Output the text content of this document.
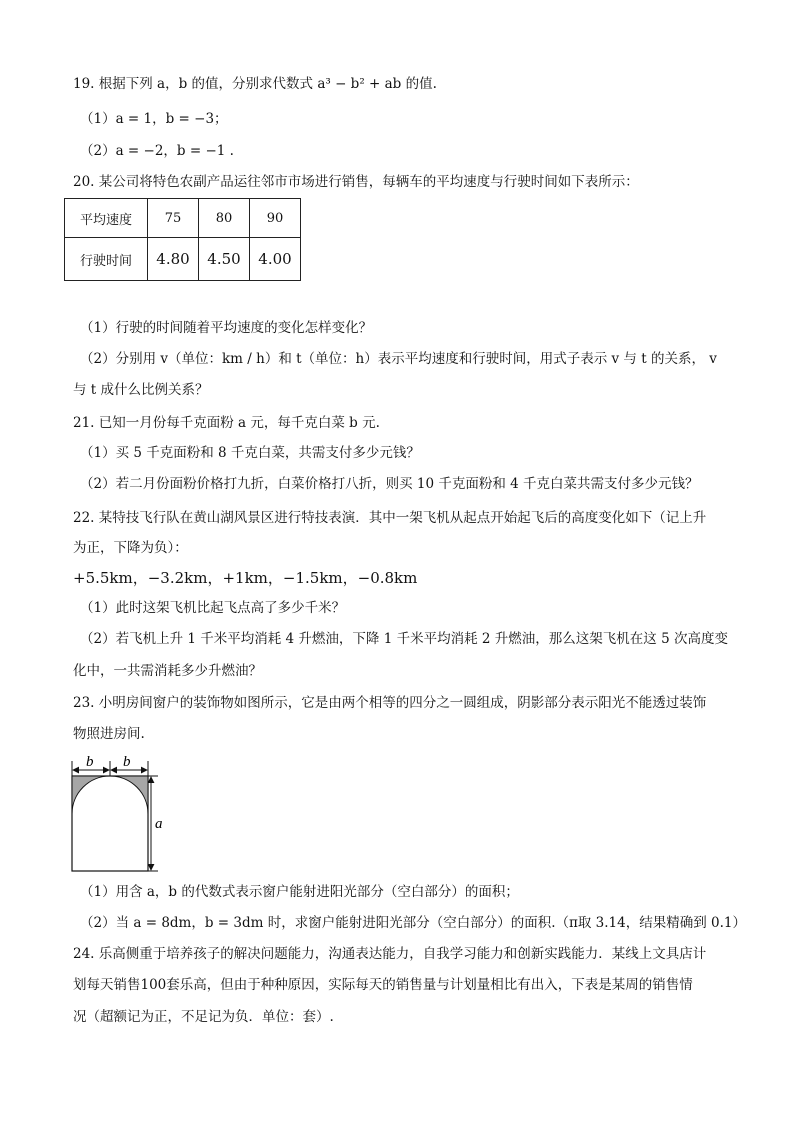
19. 根据下列 a，b 的值，分别求代数式 a³ − b² + ab 的值.
（1）a = 1，b = −3；
（2）a = −2，b = −1 .
20. 某公司将特色农副产品运往邻市市场进行销售，每辆车的平均速度与行驶时间如下表所示：
平均速度	75	80	90
行驶时间	4.80	4.50	4.00
（1）行驶的时间随着平均速度的变化怎样变化？
（2）分别用 v（单位：km / h）和 t（单位：h）表示平均速度和行驶时间，用式子表示 v 与 t 的关系， v
与 t 成什么比例关系？
21. 已知一月份每千克面粉 a 元，每千克白菜 b 元.
（1）买 5 千克面粉和 8 千克白菜，共需支付多少元钱？
（2）若二月份面粉价格打九折，白菜价格打八折，则买 10 千克面粉和 4 千克白菜共需支付多少元钱？
22. 某特技飞行队在黄山湖风景区进行特技表演．其中一架飞机从起点开始起飞后的高度变化如下（记上升
为正，下降为负）：
+5.5km，−3.2km，+1km，−1.5km，−0.8km
（1）此时这架飞机比起飞点高了多少千米？
（2）若飞机上升 1 千米平均消耗 4 升燃油，下降 1 千米平均消耗 2 升燃油，那么这架飞机在这 5 次高度变
化中，一共需消耗多少升燃油？
23. 小明房间窗户的装饰物如图所示，它是由两个相等的四分之一圆组成，阴影部分表示阳光不能透过装饰
物照进房间.
b b
a
（1）用含 a，b 的代数式表示窗户能射进阳光部分（空白部分）的面积；
（2）当 a = 8dm，b = 3dm 时，求窗户能射进阳光部分（空白部分）的面积.（π取 3.14，结果精确到 0.1）
24. 乐高侧重于培养孩子的解决问题能力，沟通表达能力，自我学习能力和创新实践能力．某线上文具店计
划每天销售100套乐高，但由于种种原因，实际每天的销售量与计划量相比有出入，下表是某周的销售情
况（超额记为正，不足记为负．单位：套）.
